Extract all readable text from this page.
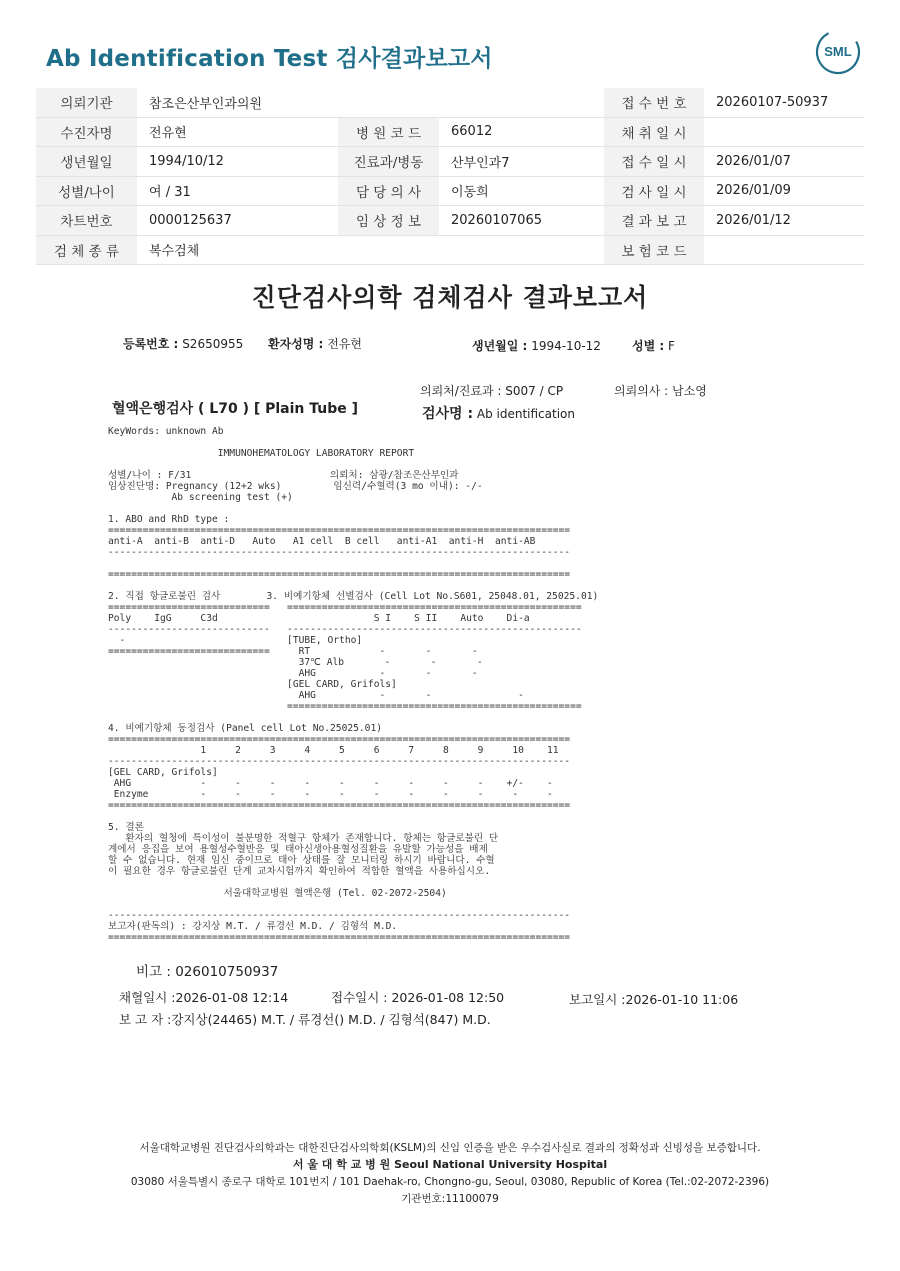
Ab Identification Test 검사결과보고서	SML
의뢰기관	참조은산부인과의원			접 수 번 호	20260107-50937
수진자명	전유현	병 원 코 드	66012	채 취 일 시	
생년월일	1994/10/12	진료과/병동	산부인과7	접 수 일 시	2026/01/07
성별/나이	여 / 31	담 당 의 사	이동희	검 사 일 시	2026/01/09
차트번호	0000125637	임 상 정 보	20260107065	결 과 보 고	2026/01/12
검 체 종 류	복수검체			보 험 코 드	
진단검사의학 검체검사 결과보고서
등록번호 : S2650955 환자성명 : 전유현	생년월일 : 1994-10-12	성별 : F
의뢰처/진료과 : S007 / CP	의뢰의사 : 남소영
혈액은행검사 ( L70 ) [ Plain Tube ]	검사명 : Ab identification
KeyWords: unknown Ab

IMMUNOHEMATOLOGY LABORATORY REPORT

성별/나이 : F/31                        의뢰처: 삼광/참조은산부인과
임상진단명: Pregnancy (12+2 wks)         임신력/수혈력(3 mo 이내): -/-
Ab screening test (+)

1. ABO and RhD type :
================================================================================
anti-A  anti-B  anti-D   Auto   A1 cell  B cell   anti-A1  anti-H  anti-AB
--------------------------------------------------------------------------------

================================================================================

2. 직접 항글로불린 검사        3. 비예기항체 선별검사 (Cell Lot No.S601, 25048.01, 25025.01)
============================   ===================================================
Poly    IgG     C3d                           S I    S II    Auto    Di-a
----------------------------   ---------------------------------------------------
-                            [TUBE, Ortho]
============================     RT            -       -       -
37℃ Alb       -       -       -
AHG           -       -       -
[GEL CARD, Grifols]
AHG           -       -               -
===================================================

4. 비예기항체 동정검사 (Panel cell Lot No.25025.01)
================================================================================
1     2     3     4     5     6     7     8     9     10    11
--------------------------------------------------------------------------------
[GEL CARD, Grifols]
AHG            -     -     -     -     -     -     -     -     -    +/-    -
Enzyme         -     -     -     -     -     -     -     -     -     -     -
================================================================================

5. 결론
환자의 혈청에 특이성이 불분명한 적혈구 항체가 존재합니다. 항체는 항글로불린 단
계에서 응집을 보여 용혈성수혈반응 및 태아신생아용혈성질환을 유발할 가능성을 배제
할 수 없습니다. 현재 임신 중이므로 태아 상태를 잘 모니터링 하시기 바랍니다. 수혈
이 필요한 경우 항글로불린 단계 교차시험까지 확인하여 적합한 혈액을 사용하십시오.

서울대학교병원 혈액은행 (Tel. 02-2072-2504)

--------------------------------------------------------------------------------
보고자(판독의) : 강지상 M.T. / 류경선 M.D. / 김형석 M.D.
================================================================================
비고 : 026010750937
채혈일시 :2026-01-08 12:14	접수일시 : 2026-01-08 12:50	보고일시 :2026-01-10 11:06
보 고 자 :강지상(24465) M.T. / 류경선() M.D. / 김형석(847) M.D.
서울대학교병원 진단검사의학과는 대한진단검사의학회(KSLM)의 신임 인증을 받은 우수검사실로 결과의 정확성과 신빙성을 보증합니다.
서 울 대 학 교 병 원 Seoul National University Hospital
03080 서울특별시 종로구 대학로 101번지 / 101 Daehak-ro, Chongno-gu, Seoul, 03080, Republic of Korea (Tel.:02-2072-2396)
기관번호:11100079
